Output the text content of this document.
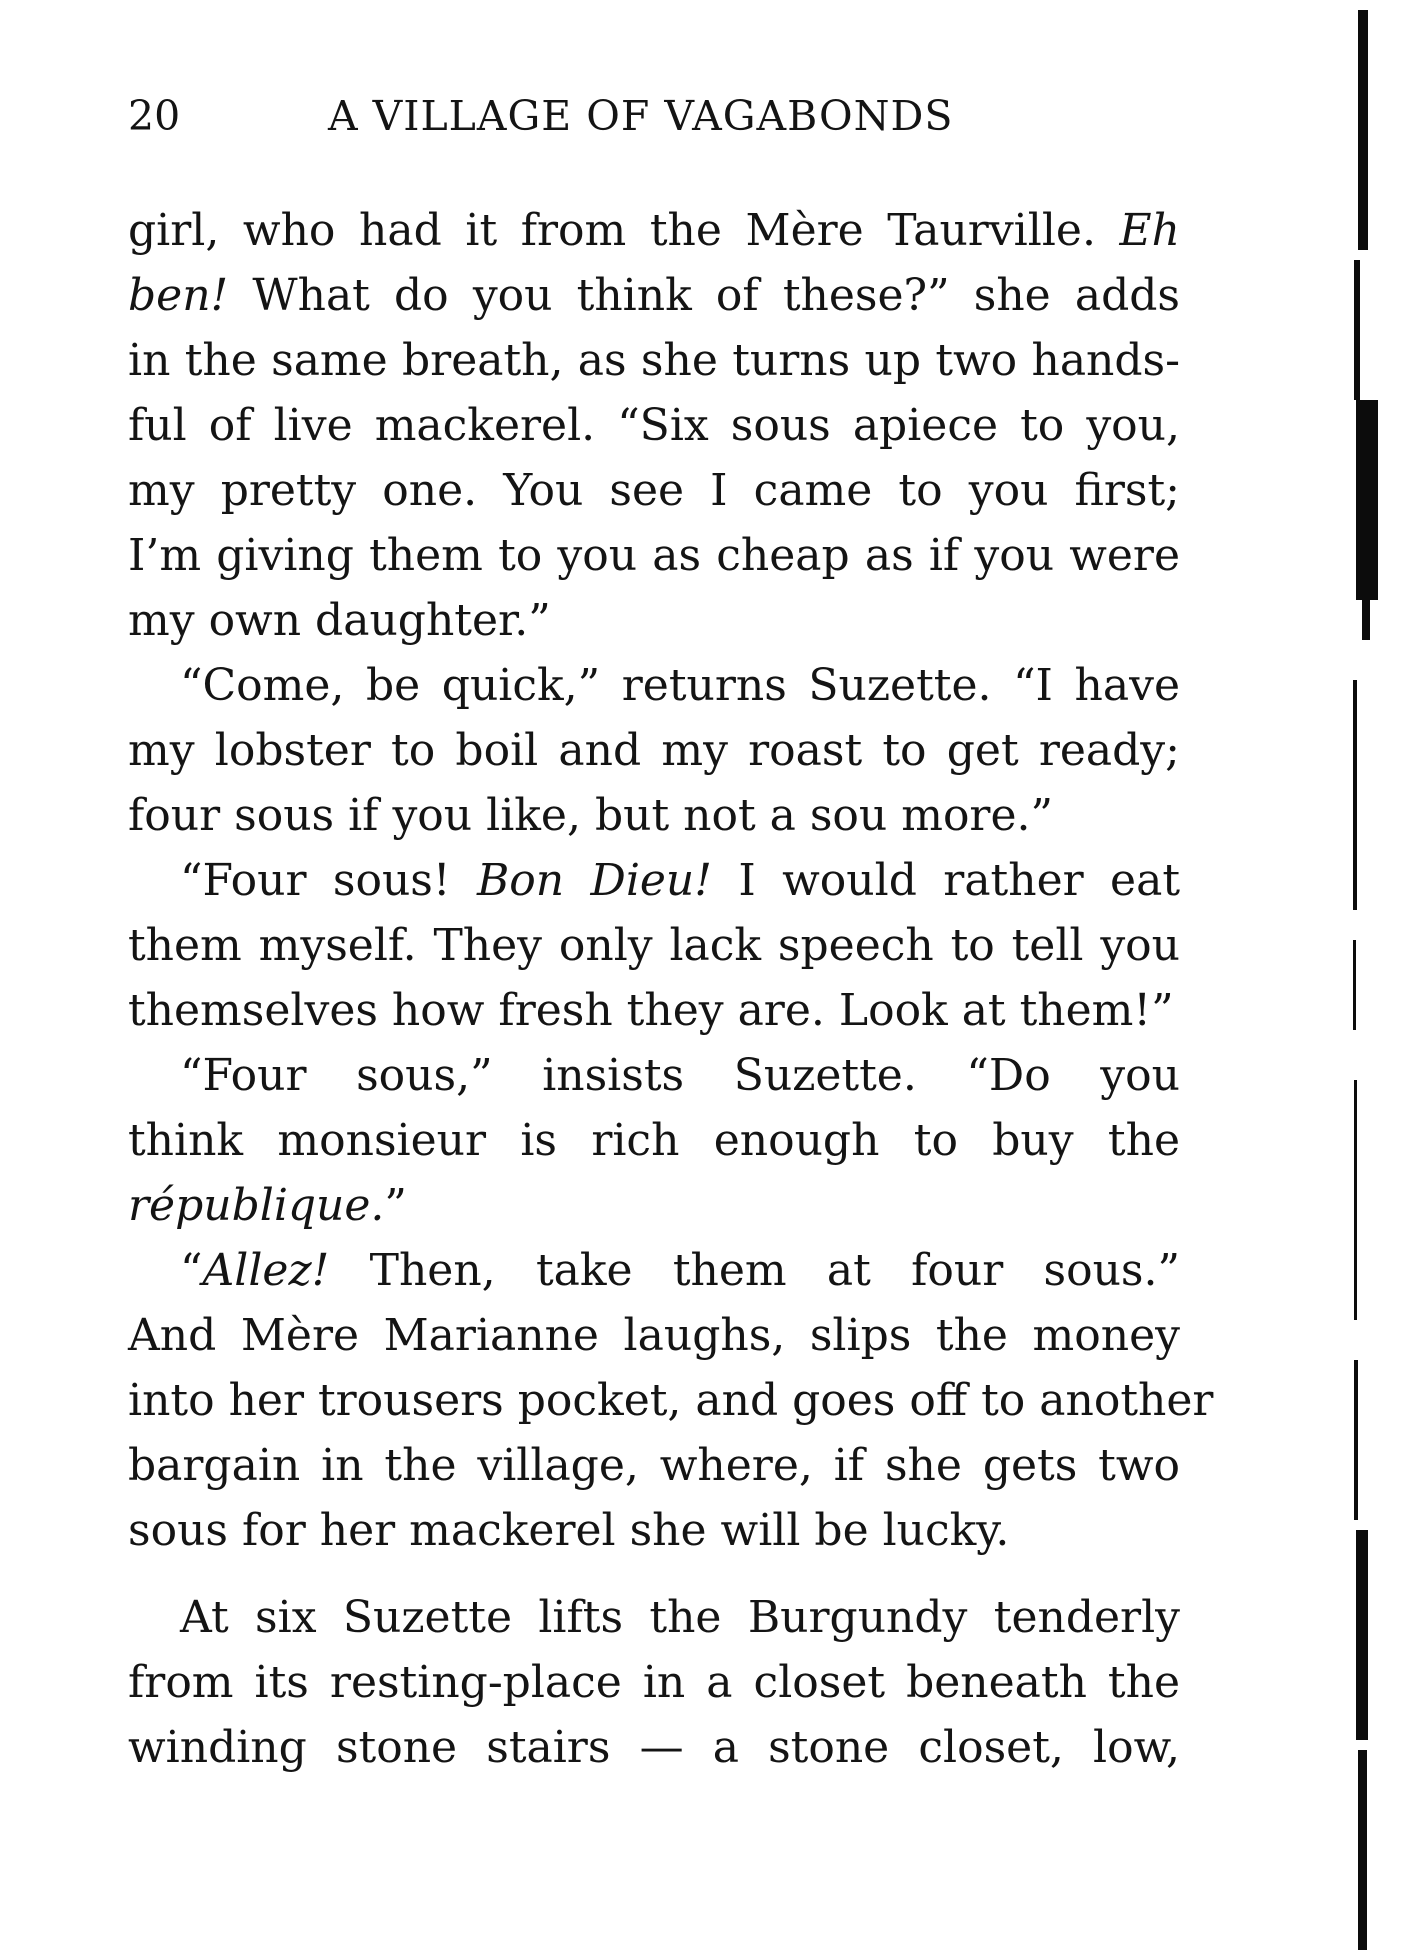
20	A VILLAGE OF VAGABONDS
girl, who had it from the Mère Taurville. Eh
ben! What do you think of these?” she adds
in the same breath, as she turns up two hands-
ful of live mackerel. “Six sous apiece to you,
my pretty one. You see I came to you first;
I’m giving them to you as cheap as if you were
my own daughter.”
“Come, be quick,” returns Suzette. “I have
my lobster to boil and my roast to get ready;
four sous if you like, but not a sou more.”
“Four sous! Bon Dieu! I would rather eat
them myself. They only lack speech to tell you
themselves how fresh they are. Look at them!”
“Four sous,” insists Suzette. “Do you
think monsieur is rich enough to buy the
république.”
“Allez! Then, take them at four sous.”
And Mère Marianne laughs, slips the money
into her trousers pocket, and goes off to another
bargain in the village, where, if she gets two
sous for her mackerel she will be lucky.
At six Suzette lifts the Burgundy tenderly
from its resting-place in a closet beneath the
winding stone stairs — a stone closet, low,
